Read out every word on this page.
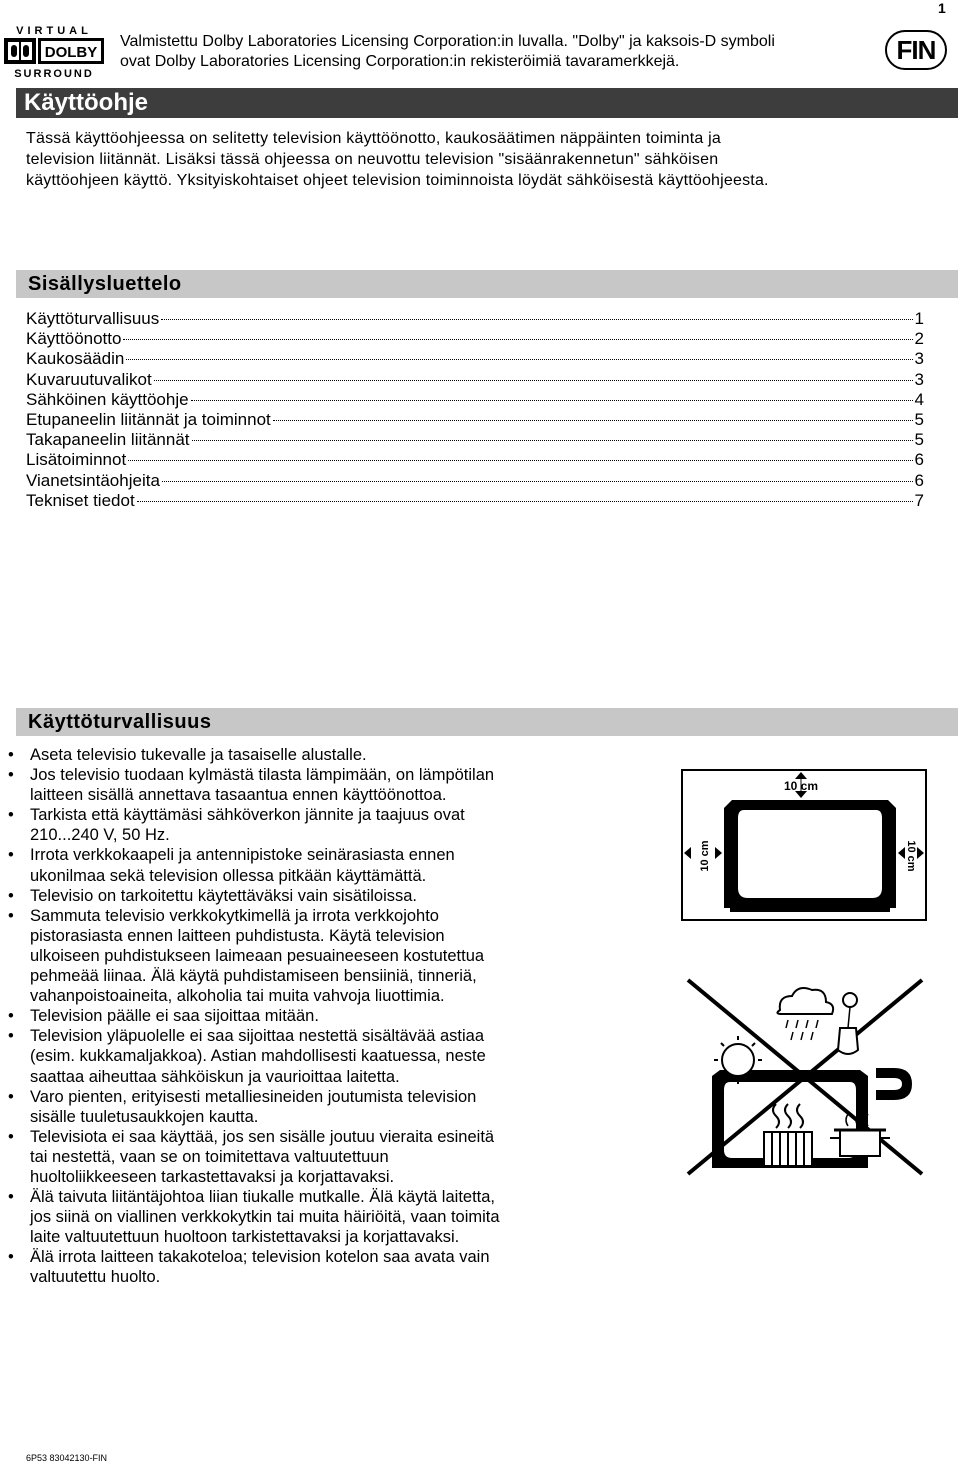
VIRTUAL
DOLBY
SURROUND
Valmistettu Dolby Laboratories Licensing Corporation:in luvalla. "Dolby" ja kaksois-D symboli
ovat Dolby Laboratories Licensing Corporation:in rekisteröimiä tavaramerkkejä.	FIN
1
Käyttöohje
Tässä käyttöohjeessa on selitetty television käyttöönotto, kaukosäätimen näppäinten toiminta ja
television liitännät. Lisäksi tässä ohjeessa on neuvottu television "sisäänrakennetun" sähköisen
käyttöohjeen käyttö. Yksityiskohtaiset ohjeet television toiminnoista löydät sähköisestä käyttöohjeesta.
Sisällysluettelo
Käyttöturvallisuus	1
Käyttöönotto	2
Kaukosäädin	3
Kuvaruutuvalikot	3
Sähköinen käyttöohje	4
Etupaneelin liitännät ja toiminnot	5
Takapaneelin liitännät	5
Lisätoiminnot	6
Vianetsintäohjeita	6
Tekniset tiedot	7
Käyttöturvallisuus
• Aseta televisio tukevalle ja tasaiselle alustalle.
• Jos televisio tuodaan kylmästä tilasta lämpimään, on lämpötilan
laitteen sisällä annettava tasaantua ennen käyttöönottoa.
• Tarkista että käyttämäsi sähköverkon jännite ja taajuus ovat
210...240 V, 50 Hz.
• Irrota verkkokaapeli ja antennipistoke seinärasiasta ennen
ukonilmaa sekä television ollessa pitkään käyttämättä.
• Televisio on tarkoitettu käytettäväksi vain sisätiloissa.
• Sammuta televisio verkkokytkimellä ja irrota verkkojohto
pistorasiasta ennen laitteen puhdistusta. Käytä television
ulkoiseen puhdistukseen laimeaan pesuaineeseen kostutettua
pehmeää liinaa. Älä käytä puhdistamiseen bensiiniä, tinneriä,
vahanpoistoaineita, alkoholia tai muita vahvoja liuottimia.
• Television päälle ei saa sijoittaa mitään.
• Television yläpuolelle ei saa sijoittaa nestettä sisältävää astiaa
(esim. kukkamaljakkoa). Astian mahdollisesti kaatuessa, neste
saattaa aiheuttaa sähköiskun ja vaurioittaa laitetta.
• Varo pienten, erityisesti metalliesineiden joutumista television
sisälle tuuletusaukkojen kautta.
• Televisiota ei saa käyttää, jos sen sisälle joutuu vieraita esineitä
tai nestettä, vaan se on toimitettava valtuutettuun
huoltoliikkeeseen tarkastettavaksi ja korjattavaksi.
• Älä taivuta liitäntäjohtoa liian tiukalle mutkalle. Älä käytä laitetta,
jos siinä on viallinen verkkokytkin tai muita häiriöitä, vaan toimita
laite valtuutettuun huoltoon tarkistettavaksi ja korjattavaksi.
• Älä irrota laitteen takakoteloa; television kotelon saa avata vain
valtuutettu huolto.
10 cm
10 cm	10 cm
6P53 83042130-FIN
